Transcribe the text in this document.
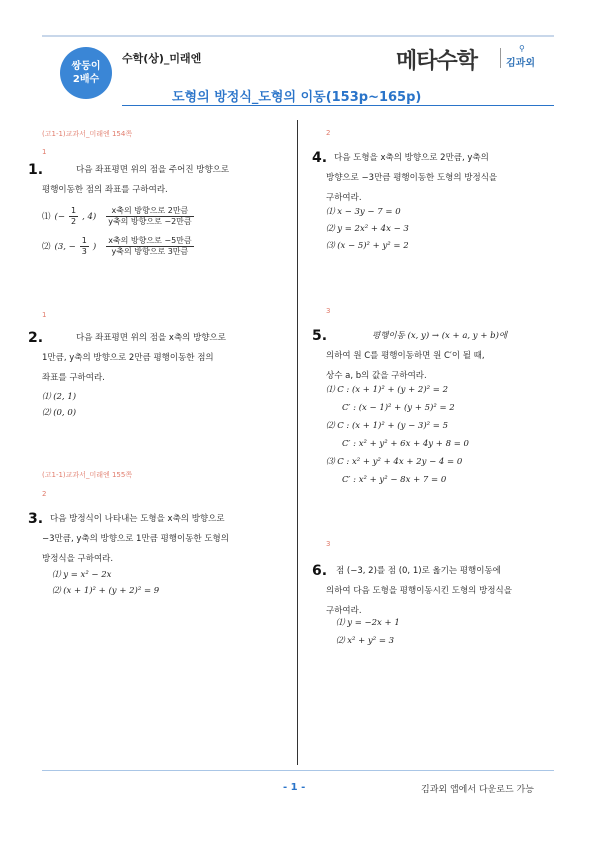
쌍둥이
2배수
수학(상)_미래엔	메타수학
⚲
김과외
도형의 방정식_도형의 이동(153p~165p)
(고1-1)교과서_미래엔 154쪽
1
1.	다음 좌표평면 위의 점을 주어진 방향으로
평행이동한 점의 좌표를 구하여라.
⑴ (− $\frac{1}{2}$ , $4) \frac{\text{x축의 방향으로 2만큼}}{\text{y축의 방향으로 −2만큼}}$
⑵ (3, − $\frac{1}{3}$ ) $\frac{\text{x축의 방향으로 −5만큼}}{\text{y축의 방향으로 3만큼}}$
1
2.	다음 좌표평면 위의 점을 x축의 방향으로
1만큼, y축의 방향으로 2만큼 평행이동한 점의
좌표를 구하여라.
⑴ (2, 1)
⑵ (0, 0)
(고1-1)교과서_미래엔 155쪽
2
3. 다음 방정식이 나타내는 도형을 x축의 방향으로
−3만큼, y축의 방향으로 1만큼 평행이동한 도형의
방정식을 구하여라.
⑴ y = x² − 2x
⑵ (x + 1)² + (y + 2)² = 9
2
4. 다음 도형을 x축의 방향으로 2만큼, y축의
방향으로 −3만큼 평행이동한 도형의 방정식을
구하여라.
⑴ x − 3y − 7 = 0
⑵ y = 2x² + 4x − 3
⑶ (x − 5)² + y² = 2
3
5.	평행이동 (x, y) → (x + a, y + b)에
의하여 원 C를 평행이동하면 원 C′이 될 때,
상수 a, b의 값을 구하여라.
⑴ C : (x + 1)² + (y + 2)² = 2
C′ : (x − 1)² + (y + 5)² = 2
⑵ C : (x + 1)² + (y − 3)² = 5
C′ : x² + y² + 6x + 4y + 8 = 0
⑶ C : x² + y² + 4x + 2y − 4 = 0
C′ : x² + y² − 8x + 7 = 0
3
6. 점 (−3, 2)를 점 (0, 1)로 옮기는 평행이동에
의하여 다음 도형을 평행이동시킨 도형의 방정식을
구하여라.
⑴ y = −2x + 1
⑵ x² + y² = 3
- 1 -	김과외 앱에서 다운로드 가능
